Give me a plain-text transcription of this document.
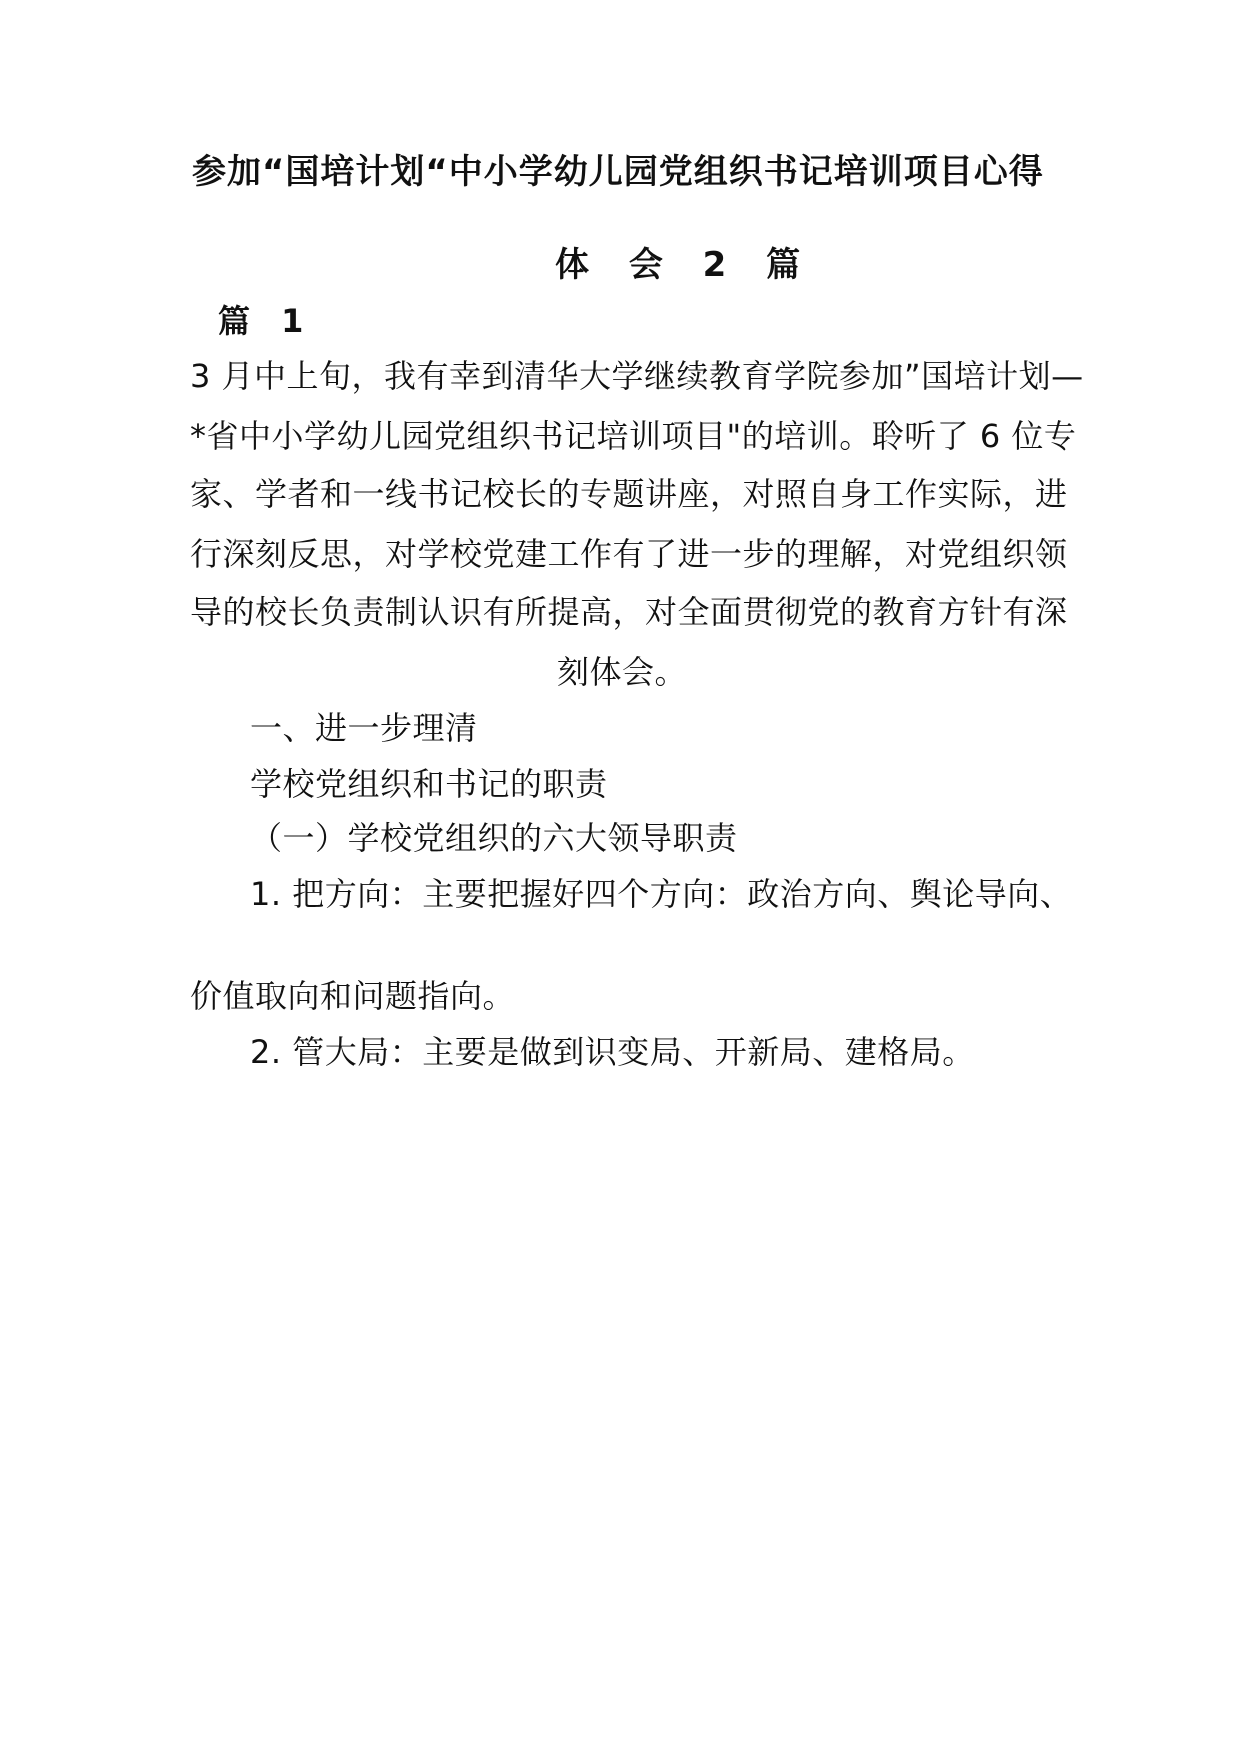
参加“国培计划“中小学幼儿园党组织书记培训项目心得
体 会 2 篇
篇 1

3 月中上旬，我有幸到清华大学继续教育学院参加”国培计划—

*省中小学幼儿园党组织书记培训项目"的培训。聆听了 6 位专

家、学者和一线书记校长的专题讲座，对照自身工作实际，进

行深刻反思，对学校党建工作有了进一步的理解，对党组织领

导的校长负责制认识有所提高，对全面贯彻党的教育方针有深

刻体会。

一、进一步理清

学校党组织和书记的职责

（一）学校党组织的六大领导职责

1. 把方向：主要把握好四个方向：政治方向、舆论导向、

价值取向和问题指向。

2. 管大局：主要是做到识变局、开新局、建格局。
